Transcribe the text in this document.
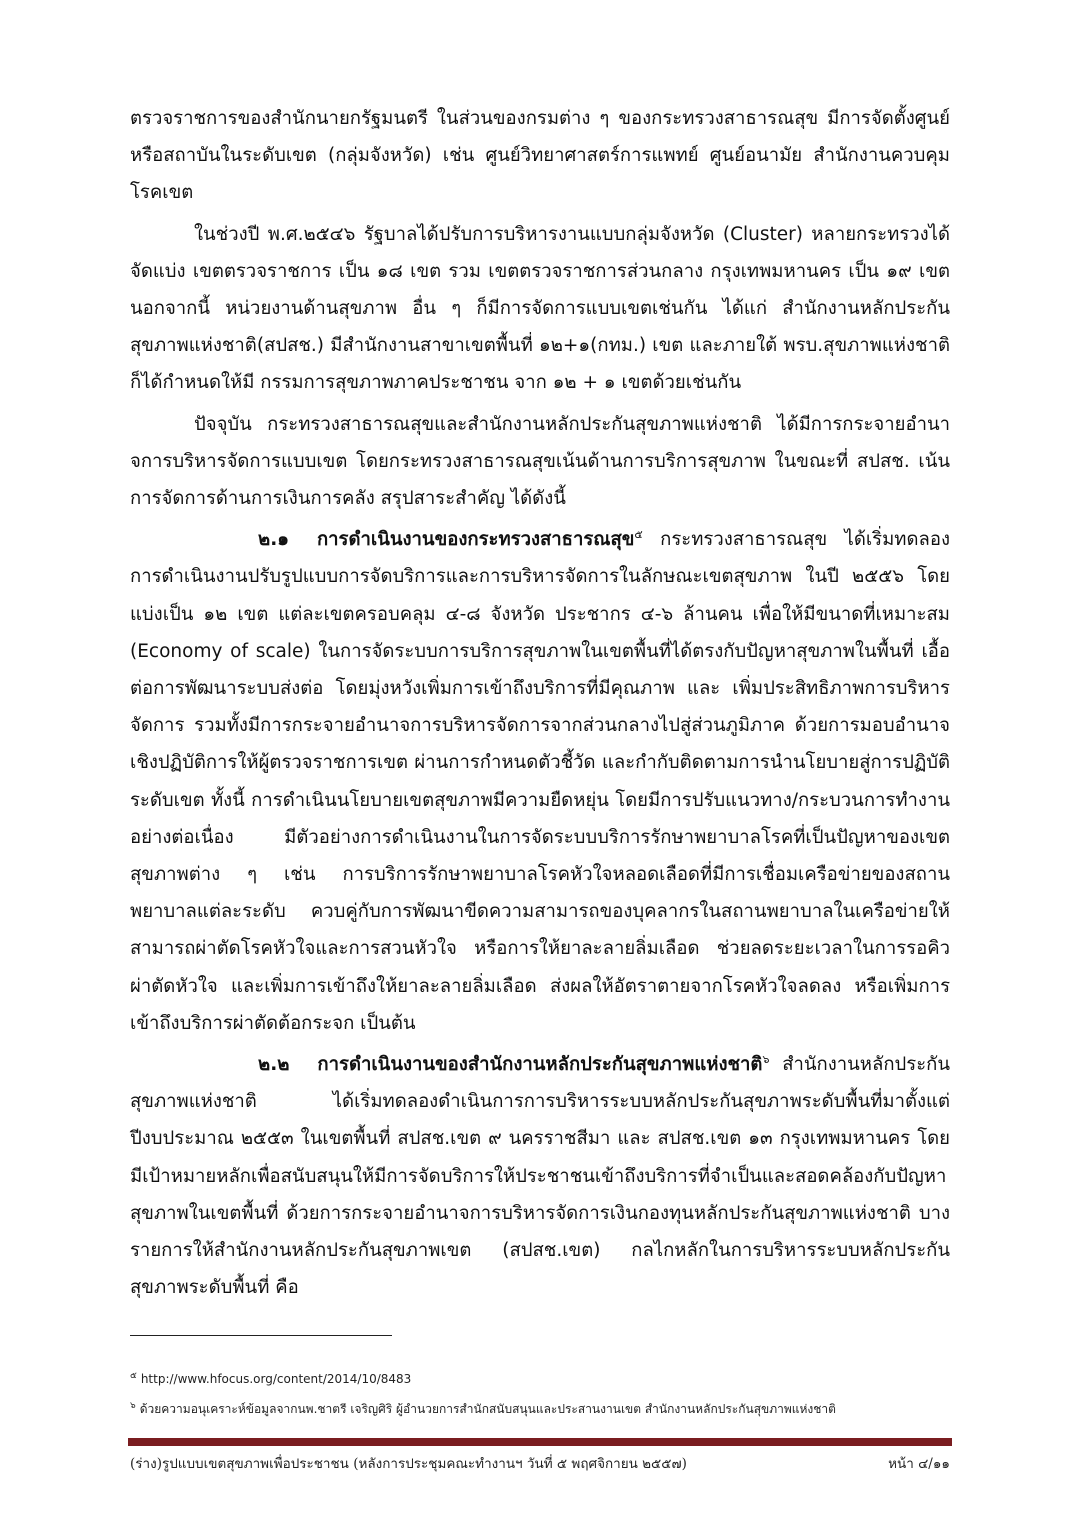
ตรวจราชการของสำนักนายกรัฐมนตรี ในส่วนของกรมต่าง ๆ ของกระทรวงสาธารณสุข มีการจัดตั้งศูนย์หรือสถาบันในระดับเขต (กลุ่มจังหวัด) เช่น ศูนย์วิทยาศาสตร์การแพทย์ ศูนย์อนามัย สำนักงานควบคุมโรคเขต

ในช่วงปี พ.ศ.๒๕๔๖ รัฐบาลได้ปรับการบริหารงานแบบกลุ่มจังหวัด (Cluster) หลายกระทรวงได้จัดแบ่ง เขตตรวจราชการ เป็น ๑๘ เขต รวม เขตตรวจราชการส่วนกลาง กรุงเทพมหานคร เป็น ๑๙ เขต นอกจากนี้ หน่วยงานด้านสุขภาพ อื่น ๆ ก็มีการจัดการแบบเขตเช่นกัน ได้แก่ สำนักงานหลักประกันสุขภาพแห่งชาติ(สปสช.) มีสำนักงานสาขาเขตพื้นที่ ๑๒+๑(กทม.) เขต และภายใต้ พรบ.สุขภาพแห่งชาติ ก็ได้กำหนดให้มี กรรมการสุขภาพภาคประชาชน จาก ๑๒ + ๑ เขตด้วยเช่นกัน

ปัจจุบัน กระทรวงสาธารณสุขและสำนักงานหลักประกันสุขภาพแห่งชาติ ได้มีการกระจายอำนาจการบริหารจัดการแบบเขต โดยกระทรวงสาธารณสุขเน้นด้านการบริการสุขภาพ ในขณะที่ สปสช. เน้นการจัดการด้านการเงินการคลัง สรุปสาระสำคัญ ได้ดังนี้

๒.๑ การดำเนินงานของกระทรวงสาธารณสุข$^๕$ กระทรวงสาธารณสุข ได้เริ่มทดลองการดำเนินงานปรับรูปแบบการจัดบริการและการบริหารจัดการในลักษณะเขตสุขภาพ ในปี ๒๕๕๖ โดยแบ่งเป็น ๑๒ เขต แต่ละเขตครอบคลุม ๔-๘ จังหวัด ประชากร ๔-๖ ล้านคน เพื่อให้มีขนาดที่เหมาะสม (Economy of scale) ในการจัดระบบการบริการสุขภาพในเขตพื้นที่ได้ตรงกับปัญหาสุขภาพในพื้นที่ เอื้อต่อการพัฒนาระบบส่งต่อ โดยมุ่งหวังเพิ่มการเข้าถึงบริการที่มีคุณภาพ และ เพิ่มประสิทธิภาพการบริหารจัดการ รวมทั้งมีการกระจายอำนาจการบริหารจัดการจากส่วนกลางไปสู่ส่วนภูมิภาค ด้วยการมอบอำนาจเชิงปฏิบัติการให้ผู้ตรวจราชการเขต ผ่านการกำหนดตัวชี้วัด และกำกับติดตามการนำนโยบายสู่การปฏิบัติระดับเขต ทั้งนี้ การดำเนินนโยบายเขตสุขภาพมีความยืดหยุ่น โดยมีการปรับแนวทาง/กระบวนการทำงานอย่างต่อเนื่อง มีตัวอย่างการดำเนินงานในการจัดระบบบริการรักษาพยาบาลโรคที่เป็นปัญหาของเขตสุขภาพต่าง ๆ เช่น การบริการรักษาพยาบาลโรคหัวใจหลอดเลือดที่มีการเชื่อมเครือข่ายของสถานพยาบาลแต่ละระดับ ควบคู่กับการพัฒนาขีดความสามารถของบุคลากรในสถานพยาบาลในเครือข่ายให้สามารถผ่าตัดโรคหัวใจและการสวนหัวใจ หรือการให้ยาละลายลิ่มเลือด ช่วยลดระยะเวลาในการรอคิวผ่าตัดหัวใจ และเพิ่มการเข้าถึงให้ยาละลายลิ่มเลือด ส่งผลให้อัตราตายจากโรคหัวใจลดลง หรือเพิ่มการเข้าถึงบริการผ่าตัดต้อกระจก เป็นต้น

๒.๒ การดำเนินงานของสำนักงานหลักประกันสุขภาพแห่งชาติ$^๖$ สำนักงานหลักประกันสุขภาพแห่งชาติ ได้เริ่มทดลองดำเนินการการบริหารระบบหลักประกันสุขภาพระดับพื้นที่มาตั้งแต่ปีงบประมาณ ๒๕๕๓ ในเขตพื้นที่ สปสช.เขต ๙ นครราชสีมา และ สปสช.เขต ๑๓ กรุงเทพมหานคร โดยมีเป้าหมายหลักเพื่อสนับสนุนให้มีการจัดบริการให้ประชาชนเข้าถึงบริการที่จำเป็นและสอดคล้องกับปัญหาสุขภาพในเขตพื้นที่ ด้วยการกระจายอำนาจการบริหารจัดการเงินกองทุนหลักประกันสุขภาพแห่งชาติ บางรายการให้สำนักงานหลักประกันสุขภาพเขต (สปสช.เขต) กลไกหลักในการบริหารระบบหลักประกันสุขภาพระดับพื้นที่ คือ

$^๕$ http://www.hfocus.org/content/2014/10/8483
$^๖$ ด้วยความอนุเคราะห์ข้อมูลจากนพ.ชาตรี เจริญศิริ ผู้อำนวยการสำนักสนับสนุนและประสานงานเขต สำนักงานหลักประกันสุขภาพแห่งชาติ
(ร่าง)รูปแบบเขตสุขภาพเพื่อประชาชน (หลังการประชุมคณะทำงานฯ วันที่ ๕ พฤศจิกายน ๒๕๕๗)	หน้า ๔/๑๑
